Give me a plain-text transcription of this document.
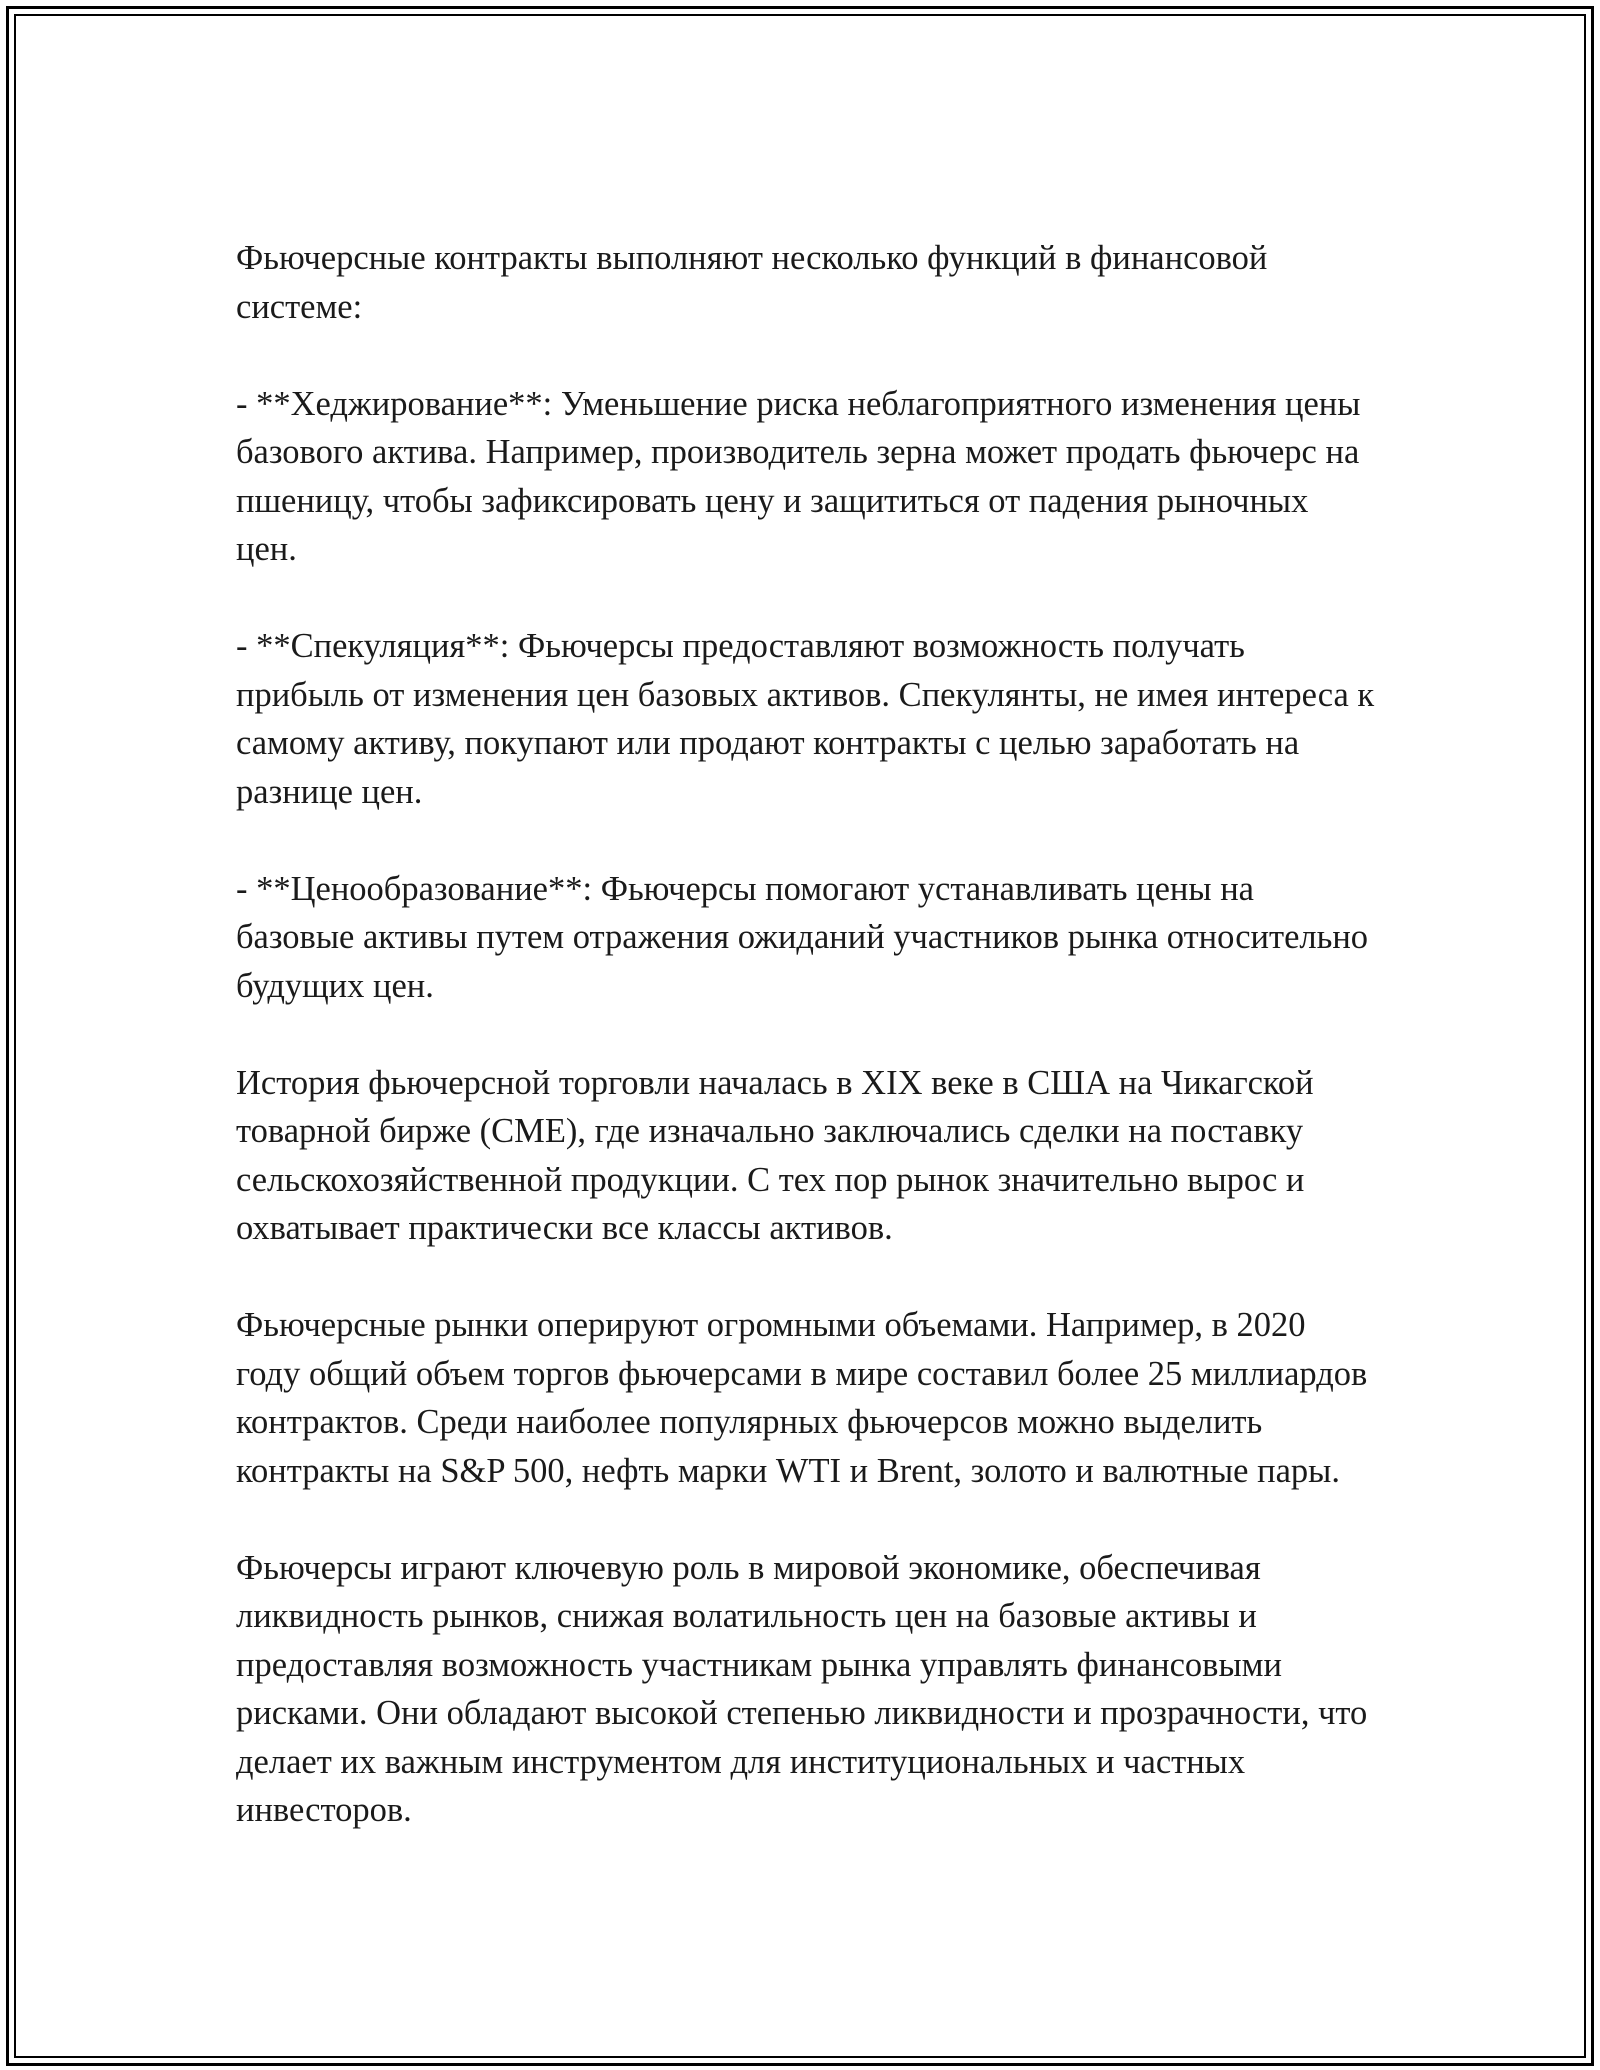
Фьючерсные контракты выполняют несколько функций в финансовой системе:

- **Хеджирование**: Уменьшение риска неблагоприятного изменения цены базового актива. Например, производитель зерна может продать фьючерс на пшеницу, чтобы зафиксировать цену и защититься от падения рыночных цен.

- **Спекуляция**: Фьючерсы предоставляют возможность получать прибыль от изменения цен базовых активов. Спекулянты, не имея интереса к самому активу, покупают или продают контракты с целью заработать на разнице цен.

- **Ценообразование**: Фьючерсы помогают устанавливать цены на базовые активы путем отражения ожиданий участников рынка относительно будущих цен.

История фьючерсной торговли началась в XIX веке в США на Чикагской товарной бирже (CME), где изначально заключались сделки на поставку сельскохозяйственной продукции. С тех пор рынок значительно вырос и охватывает практически все классы активов.

Фьючерсные рынки оперируют огромными объемами. Например, в 2020 году общий объем торгов фьючерсами в мире составил более 25 миллиардов контрактов. Среди наиболее популярных фьючерсов можно выделить контракты на S&P 500, нефть марки WTI и Brent, золото и валютные пары.

Фьючерсы играют ключевую роль в мировой экономике, обеспечивая ликвидность рынков, снижая волатильность цен на базовые активы и предоставляя возможность участникам рынка управлять финансовыми рисками. Они обладают высокой степенью ликвидности и прозрачности, что делает их важным инструментом для институциональных и частных инвесторов.
